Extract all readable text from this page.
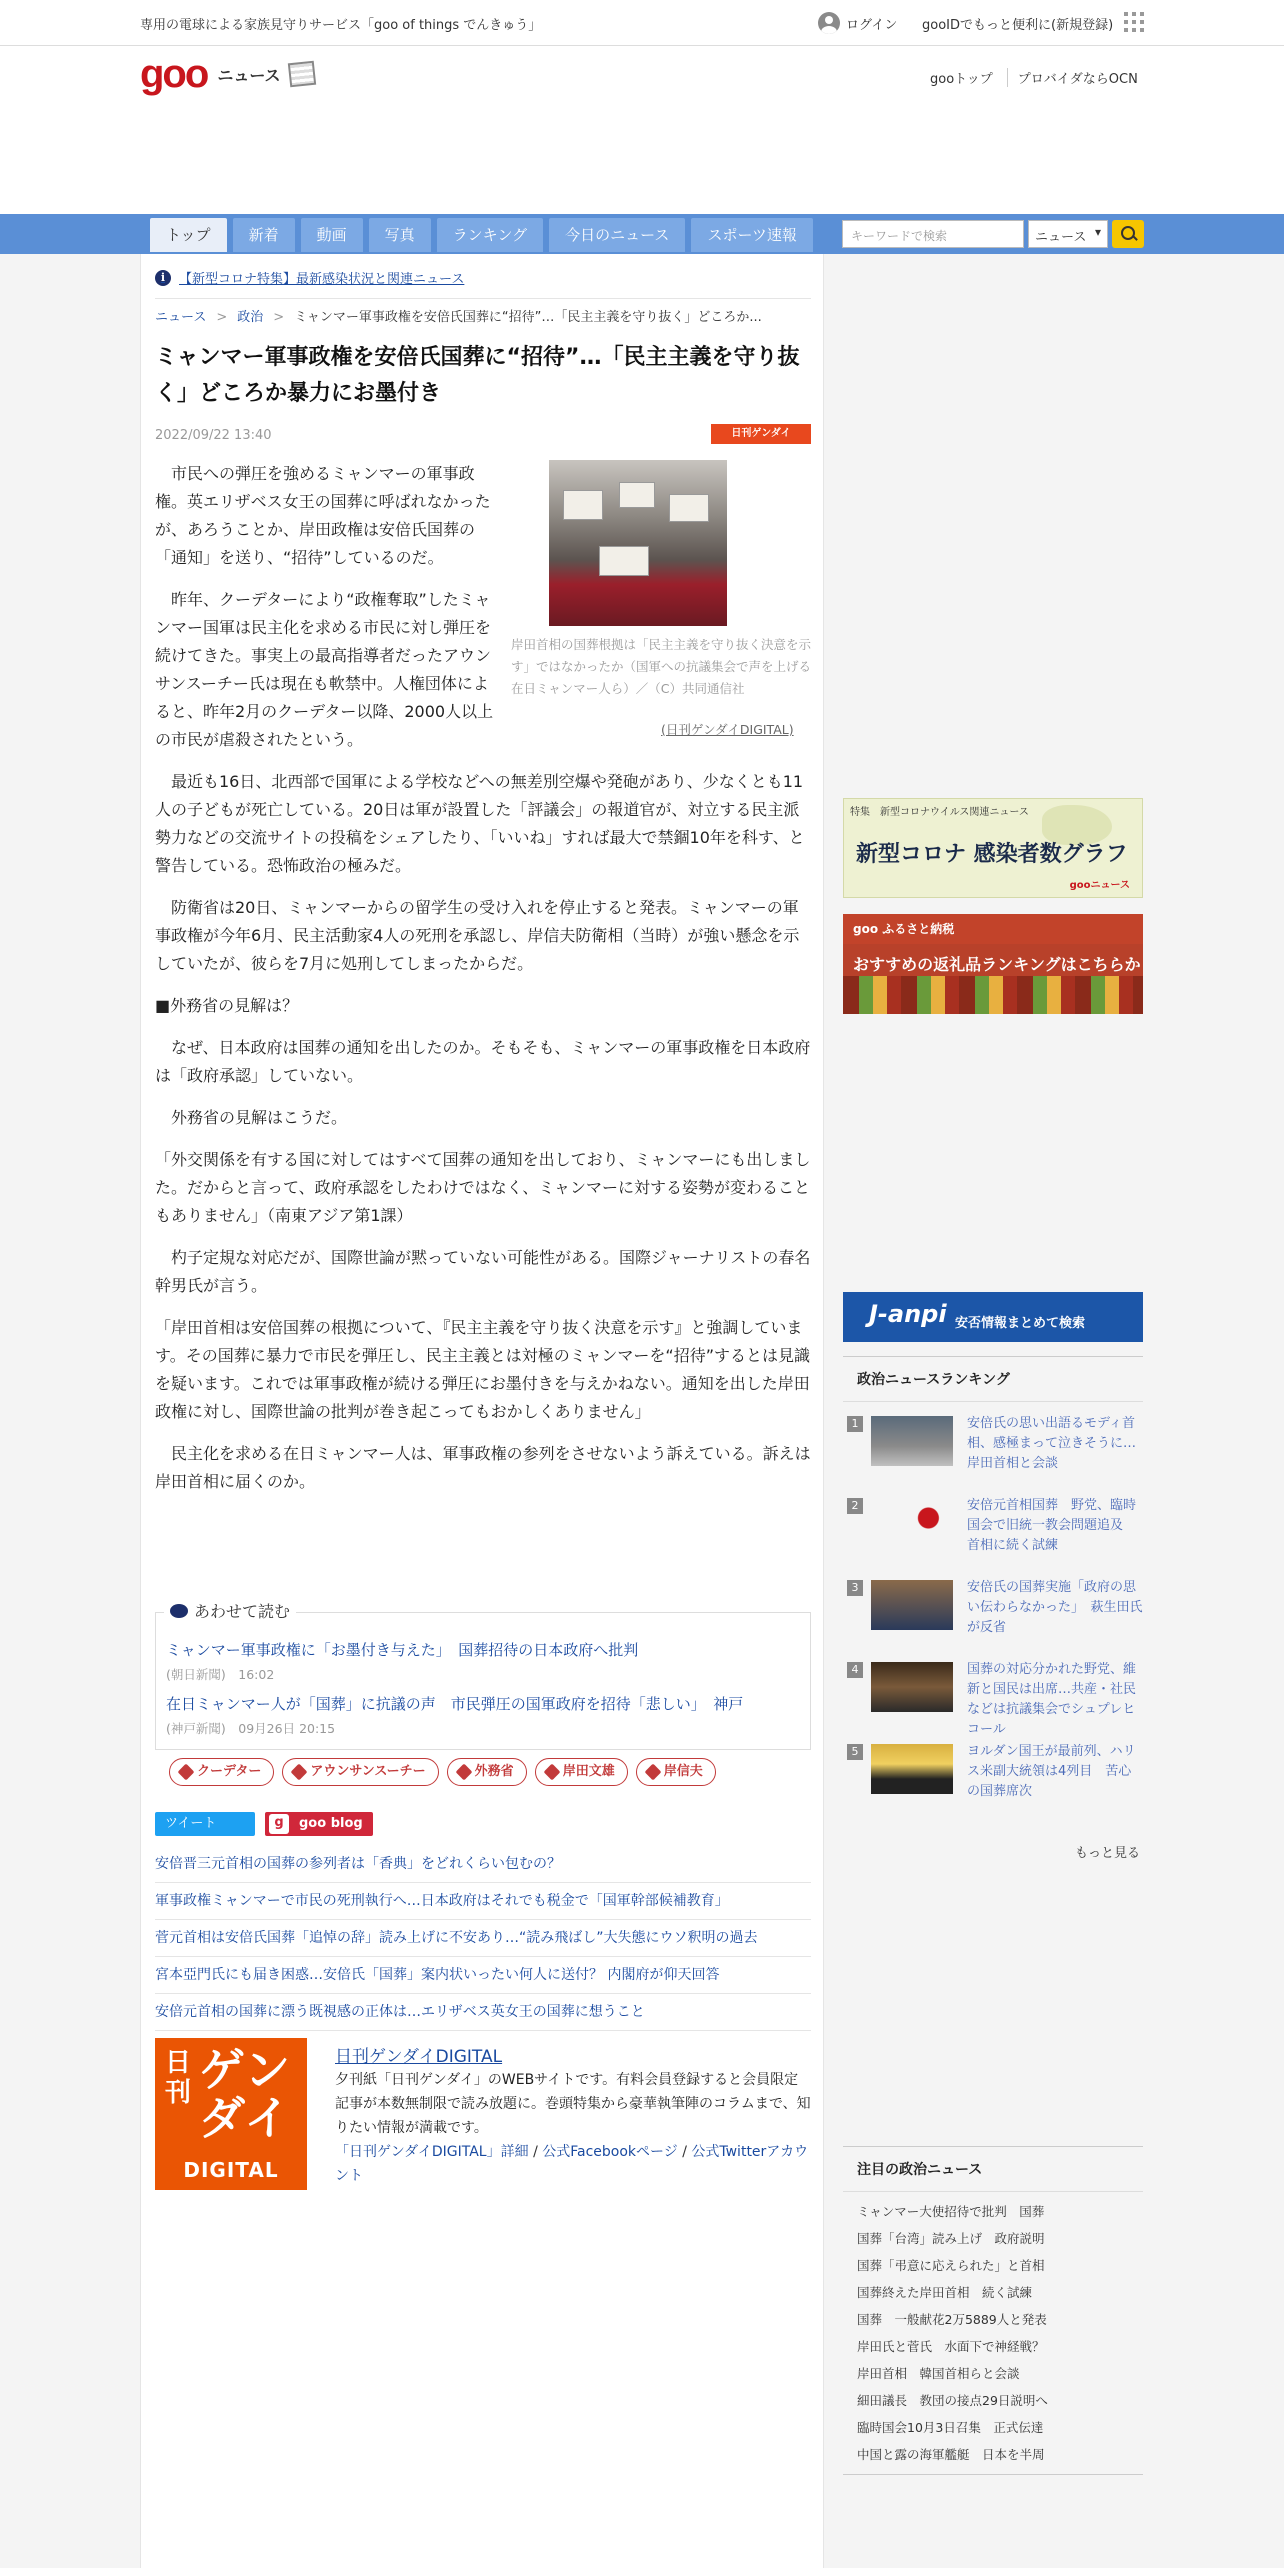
専用の電球による家族見守りサービス「goo of things でんきゅう」	ログイン gooIDでもっと便利に(新規登録)
goo ニュース	gooトップ	プロバイダならOCN
トップ	新着	動画	写真	ランキング	今日のニュース	スポーツ速報	キーワードで検索	ニュース ▾
i	【新型コロナ特集】最新感染状況と関連ニュース
ニュース > 政治 > ミャンマー軍事政権を安倍氏国葬に“招待”…「民主主義を守り抜く」どころか...
ミャンマー軍事政権を安倍氏国葬に“招待”…「民主主義を守り抜く」どころか暴力にお墨付き
2022/09/22 13:40	日刊ゲンダイDIGITAL
岸田首相の国葬根拠は「民主主義を守り抜く決意を示す」ではなかったか（国軍への抗議集会で声を上げる在日ミャンマー人ら）／（C）共同通信社
(日刊ゲンダイDIGITAL)

市民への弾圧を強めるミャンマーの軍事政権。英エリザベス女王の国葬に呼ばれなかったが、あろうことか、岸田政権は安倍氏国葬の「通知」を送り、“招待”しているのだ。

昨年、クーデターにより“政権奪取”したミャンマー国軍は民主化を求める市民に対し弾圧を続けてきた。事実上の最高指導者だったアウンサンスーチー氏は現在も軟禁中。人権団体によると、昨年2月のクーデター以降、2000人以上の市民が虐殺されたという。

最近も16日、北西部で国軍による学校などへの無差別空爆や発砲があり、少なくとも11人の子どもが死亡している。20日は軍が設置した「評議会」の報道官が、対立する民主派勢力などの交流サイトの投稿をシェアしたり、「いいね」すれば最大で禁錮10年を科す、と警告している。恐怖政治の極みだ。

防衛省は20日、ミャンマーからの留学生の受け入れを停止すると発表。ミャンマーの軍事政権が今年6月、民主活動家4人の死刑を承認し、岸信夫防衛相（当時）が強い懸念を示していたが、彼らを7月に処刑してしまったからだ。

■外務省の見解は？

なぜ、日本政府は国葬の通知を出したのか。そもそも、ミャンマーの軍事政権を日本政府は「政府承認」していない。

外務省の見解はこうだ。

「外交関係を有する国に対してはすべて国葬の通知を出しており、ミャンマーにも出しました。だからと言って、政府承認をしたわけではなく、ミャンマーに対する姿勢が変わることもありません」（南東アジア第1課）

杓子定規な対応だが、国際世論が黙っていない可能性がある。国際ジャーナリストの春名幹男氏が言う。

「岸田首相は安倍国葬の根拠について、『民主主義を守り抜く決意を示す』と強調しています。その国葬に暴力で市民を弾圧し、民主主義とは対極のミャンマーを“招待”するとは見識を疑います。これでは軍事政権が続ける弾圧にお墨付きを与えかねない。通知を出した岸田政権に対し、国際世論の批判が巻き起こってもおかしくありません」

民主化を求める在日ミャンマー人は、軍事政権の参列をさせないよう訴えている。訴えは岸田首相に届くのか。

あわせて読む
ミャンマー軍事政権に「お墨付き与えた」　国葬招待の日本政府へ批判
(朝日新聞)　 16:02
在日ミャンマー人が「国葬」に抗議の声　市民弾圧の国軍政府を招待「悲しい」　神戸
(神戸新聞)　 09月26日 20:15
クーデター	アウンサンスーチー	外務省	岸田文雄	岸信夫
ツイート	g goo blog
安倍晋三元首相の国葬の参列者は「香典」をどれくらい包むの？
軍事政権ミャンマーで市民の死刑執行へ…日本政府はそれでも税金で「国軍幹部候補教育」
菅元首相は安倍氏国葬「追悼の辞」読み上げに不安あり…“読み飛ばし”大失態にウソ釈明の過去
宮本亞門氏にも届き困惑…安倍氏「国葬」案内状いったい何人に送付？ 内閣府が仰天回答
安倍元首相の国葬に漂う既視感の正体は…エリザベス英女王の国葬に想うこと
日刊 ゲンダイ
DIGITAL
日刊ゲンダイDIGITAL
夕刊紙「日刊ゲンダイ」のWEBサイトです。有料会員登録すると会員限定記事が本数無制限で読み放題に。巻頭特集から豪華執筆陣のコラムまで、知りたい情報が満載です。
「日刊ゲンダイDIGITAL」詳細 / 公式Facebookページ / 公式Twitterアカウント
特集　新型コロナウイルス関連ニュース
新型コロナ 感染者数グラフ
gooニュース
goo ふるさと納税
おすすめの返礼品ランキングはこちらか
J-anpi 安否情報まとめて検索
政治ニュースランキング
1	安倍氏の思い出語るモディ首相、感極まって泣きそうに…岸田首相と会談
2	安倍元首相国葬　野党、臨時国会で旧統一教会問題追及　首相に続く試練
3	安倍氏の国葬実施「政府の思い伝わらなかった」　萩生田氏が反省
4	国葬の対応分かれた野党、維新と国民は出席…共産・社民などは抗議集会でシュプレヒコール
5	ヨルダン国王が最前列、ハリス米副大統領は4列目　苦心の国葬席次
もっと見る
注目の政治ニュース
ミャンマー大使招待で批判　国葬
国葬「台湾」読み上げ　政府説明
国葬「弔意に応えられた」と首相
国葬終えた岸田首相　続く試練
国葬　一般献花2万5889人と発表
岸田氏と菅氏　水面下で神経戦？
岸田首相　韓国首相らと会談
細田議長　教団の接点29日説明へ
臨時国会10月3日召集　正式伝達
中国と露の海軍艦艇　日本を半周
